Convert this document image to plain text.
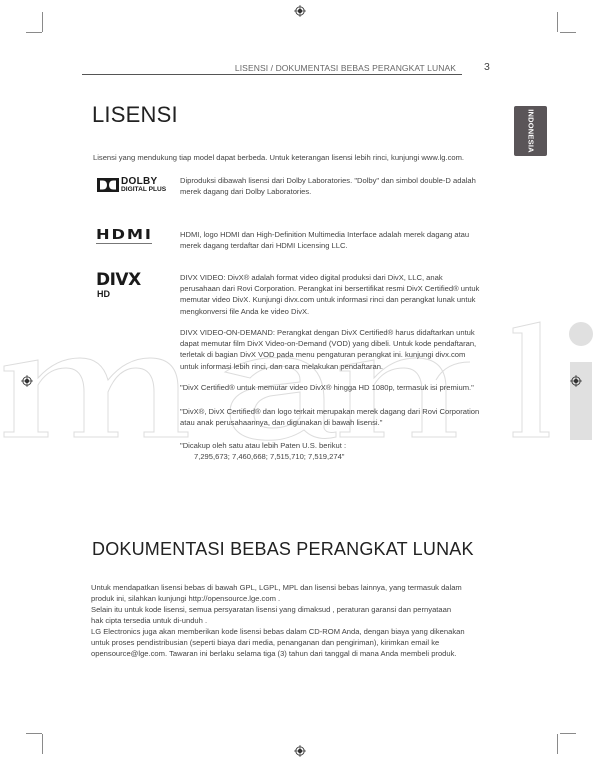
LISENSI / DOKUMENTASI BEBAS PERANGKAT LUNAK	3
INDONESIA
LISENSI
Lisensi yang mendukung tiap model dapat berbeda. Untuk keterangan lisensi lebih rinci, kunjungi www.lg.com.
DOLBY
DIGITAL PLUS
Diproduksi dibawah lisensi dari Dolby Laboratories. "Dolby" dan simbol double-D adalah merek dagang dari Dolby Laboratories.
HDMI	HDMI, logo HDMI dan High-Definition Multimedia Interface adalah merek dagang atau merek dagang terdaftar dari HDMI Licensing LLC.
DIVX
HD
DIVX VIDEO: DivX® adalah format video digital produksi dari DivX, LLC, anak perusahaan dari Rovi Corporation. Perangkat ini bersertifikat resmi DivX Certified® untuk memutar video DivX. Kunjungi divx.com untuk informasi rinci dan perangkat lunak untuk mengkonversi file Anda ke video DivX.
DIVX VIDEO-ON-DEMAND: Perangkat dengan DivX Certified® harus didaftarkan untuk dapat memutar film DivX Video-on-Demand (VOD) yang dibeli. Untuk kode pendaftaran, terletak di bagian DivX VOD pada menu pengaturan perangkat ini. kunjungi divx.com untuk informasi lebih rinci, dan cara melakukan pendaftaran.
"DivX Certified® untuk memutar video DivX® hingga HD 1080p, termasuk isi premium."
"DivX®, DivX Certified® dan logo terkait merupakan merek dagang dari Rovi Corporation atau anak perusahaannya, dan digunakan di bawah lisensi."
"Dicakup oleh satu atau lebih Paten U.S. berikut :
7,295,673; 7,460,668; 7,515,710; 7,519,274"
DOKUMENTASI BEBAS PERANGKAT LUNAK
Untuk mendapatkan lisensi bebas di bawah GPL, LGPL, MPL dan lisensi bebas lainnya, yang termasuk dalam
produk ini, silahkan kunjungi http://opensource.lge.com .
Selain itu untuk kode lisensi, semua persyaratan lisensi yang dimaksud , peraturan garansi dan pernyataan
hak cipta tersedia untuk di-unduh .
LG Electronics juga akan memberikan kode lisensi bebas dalam CD-ROM Anda, dengan biaya yang dikenakan
untuk proses pendistribusian (seperti biaya dari media, penanganan dan pengiriman), kirimkan email ke
opensource@lge.com. Tawaran ini berlaku selama tiga (3) tahun dari tanggal di mana Anda membeli produk.
